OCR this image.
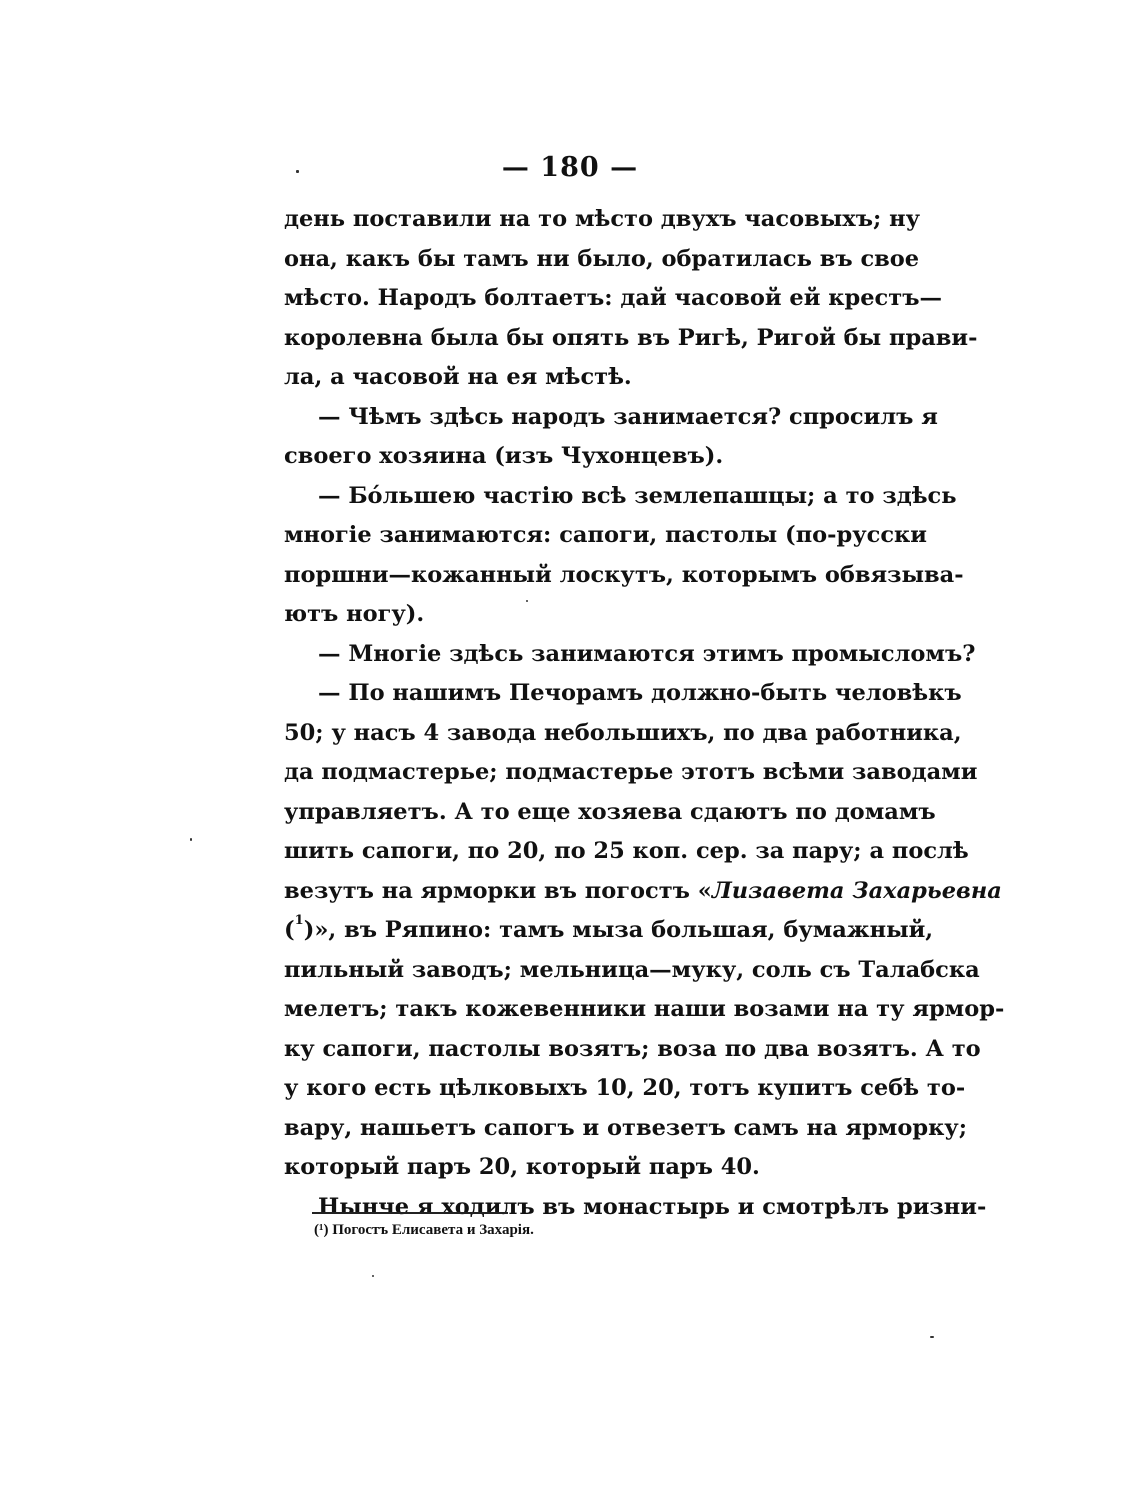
— 180 —
день поставили на то мѣсто двухъ часовыхъ; ну
она, какъ бы тамъ ни было, обратилась въ свое
мѣсто. Народъ болтаетъ: дай часовой ей крестъ—
королевна была бы опять въ Ригѣ, Ригой бы прави-
ла, а часовой на ея мѣстѣ.
— Чѣмъ здѣсь народъ занимается? спросилъ я
своего хозяина (изъ Чухонцевъ).
— Бо́льшею частію всѣ землепашцы; а то здѣсь
многіе занимаются: сапоги, пастолы (по-русски
поршни—кожанный лоскутъ, которымъ обвязыва-
ютъ ногу).
— Многіе здѣсь занимаются этимъ промысломъ?
— По нашимъ Печорамъ должно-быть человѣкъ
50; у насъ 4 завода небольшихъ, по два работника,
да подмастерье; подмастерье этотъ всѣми заводами
управляетъ. А то еще хозяева сдаютъ по домамъ
шить сапоги, по 20, по 25 коп. сер. за пару; а послѣ
везутъ на ярморки въ погостъ «Лизавета Захарьевна
($^1$)», въ Ряпино: тамъ мыза большая, бумажный,
пильный заводъ; мельница—муку, соль съ Талабска
мелетъ; такъ кожевенники наши возами на ту ярмор-
ку сапоги, пастолы возятъ; воза по два возятъ. А то
у кого есть цѣлковыхъ 10, 20, тотъ купитъ себѣ то-
вару, нашьетъ сапогъ и отвезетъ самъ на ярморку;
который паръ 20, который паръ 40.
Нынче я ходилъ въ монастырь и смотрѣлъ ризни-
(¹) Погостъ Елисавета и Захарія.
